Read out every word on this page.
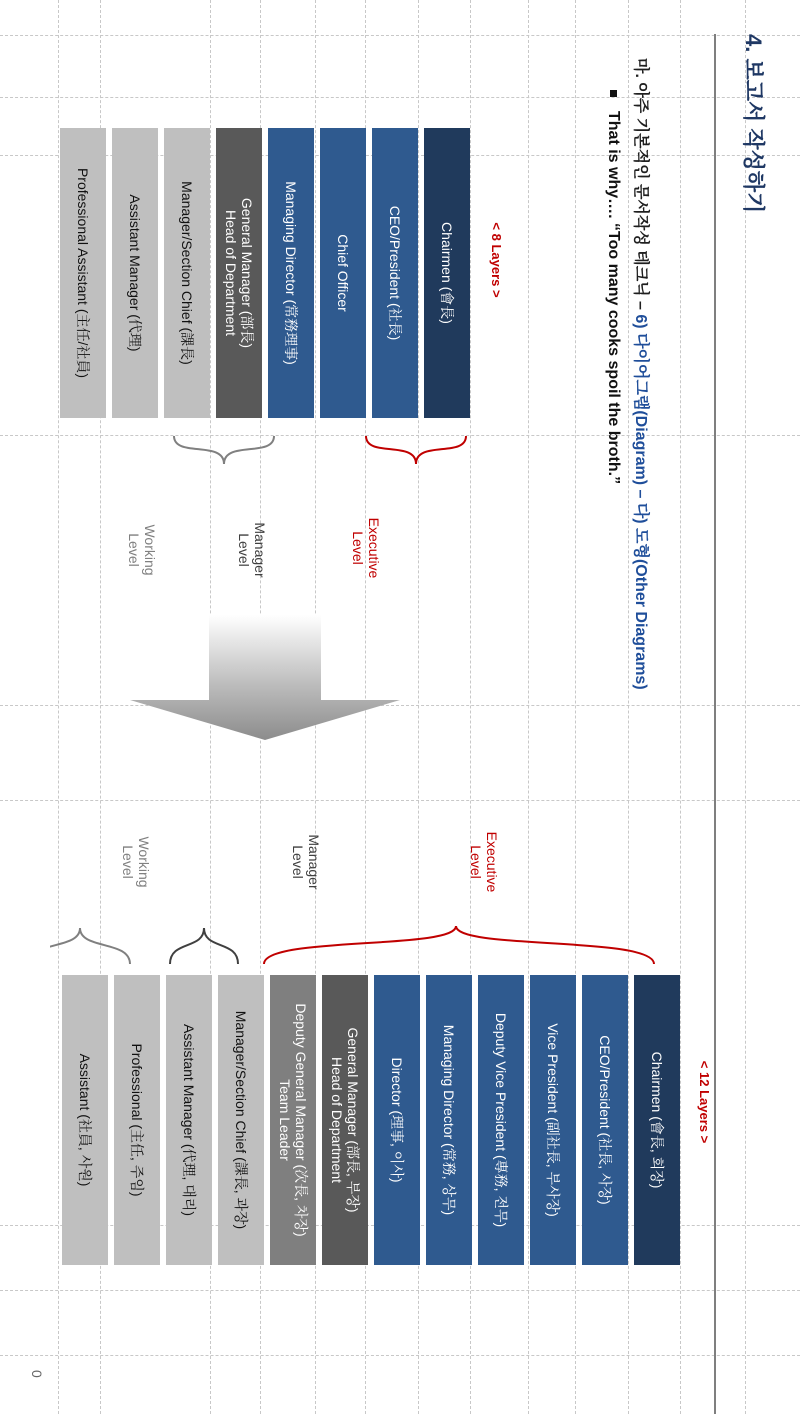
4. 보고서 작성하기
마. 아주 기본적인 문서작성 테크닉 – 6) 다이어그램(Diagram) – 다) 도형(Other Diagrams)
That is why…. “Too many cooks spoil the broth.”
< 8 Layers >
Chairmen (會長)
CEO/President (社長)
Chief Officer
Managing Director (常務理事)
General Manager (部長)
Head of Department
Manager/Section Chief (課長)
Assistant Manager (代理)
Professional Assistant (主任/社員)
Executive
Level
Manager
Level
Working
Level
< 12 Layers >
Chairmen (會長, 회장)
CEO/President (社長, 사장)
Vice President (副社長, 부사장)
Deputy Vice President (專務, 전무)
Managing Director (常務, 상무)
Director (理事, 이사)
General Manager (部長, 부장)
Head of Department
Deputy General Manager (次長, 차장)
Team Leader
Manager/Section Chief (課長, 과장)
Assistant Manager (代理, 대리)
Professional (主任, 주임)
Assistant (社員, 사원)
Executive
Level
Manager
Level
Working
Level
0
